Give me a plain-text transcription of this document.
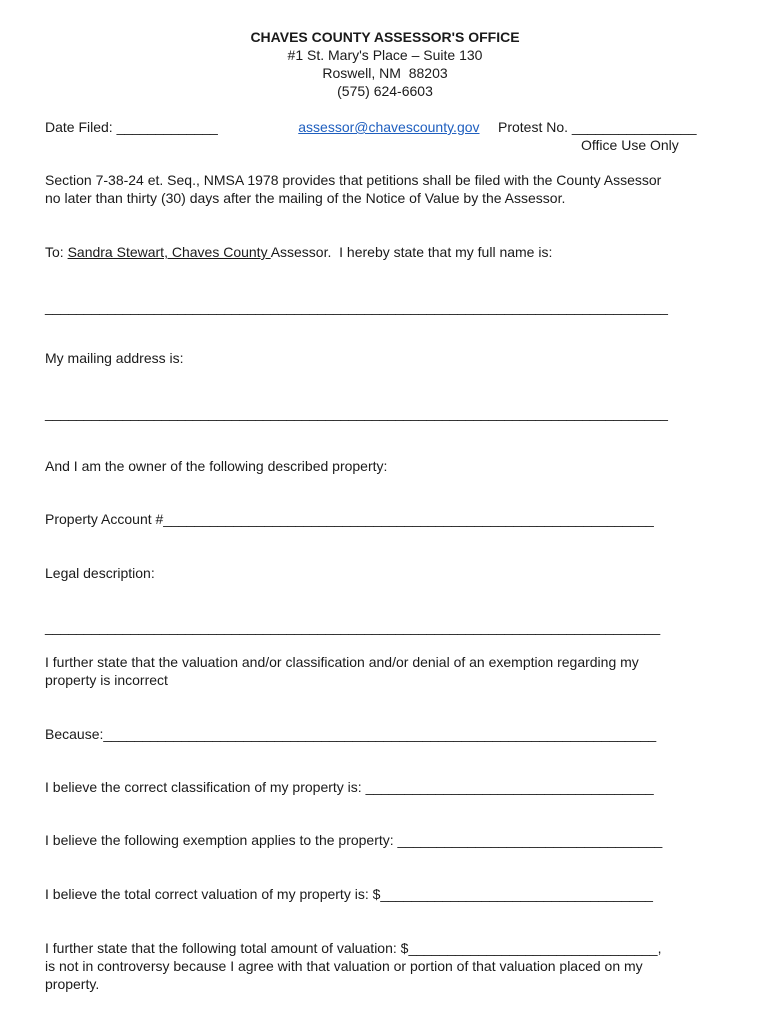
CHAVES COUNTY ASSESSOR'S OFFICE
#1 St. Mary's Place – Suite 130
Roswell, NM  88203
(575) 624-6603

assessor@chavescounty.gov

Date Filed: _____________	Protest No. ________________
Office Use Only
Section 7-38-24 et. Seq., NMSA 1978 provides that petitions shall be filed with the County Assessor
no later than thirty (30) days after the mailing of the Notice of Value by the Assessor.
To: Sandra Stewart, Chaves County Assessor.  I hereby state that my full name is:
________________________________________________________________________________
My mailing address is:
________________________________________________________________________________
And I am the owner of the following described property:
Property Account #_______________________________________________________________
Legal description:
_______________________________________________________________________________
I further state that the valuation and/or classification and/or denial of an exemption regarding my
property is incorrect
Because:_______________________________________________________________________
I believe the correct classification of my property is: _____________________________________
I believe the following exemption applies to the property: __________________________________
I believe the total correct valuation of my property is: $___________________________________
I further state that the following total amount of valuation: $________________________________,
is not in controversy because I agree with that valuation or portion of that valuation placed on my
property.
